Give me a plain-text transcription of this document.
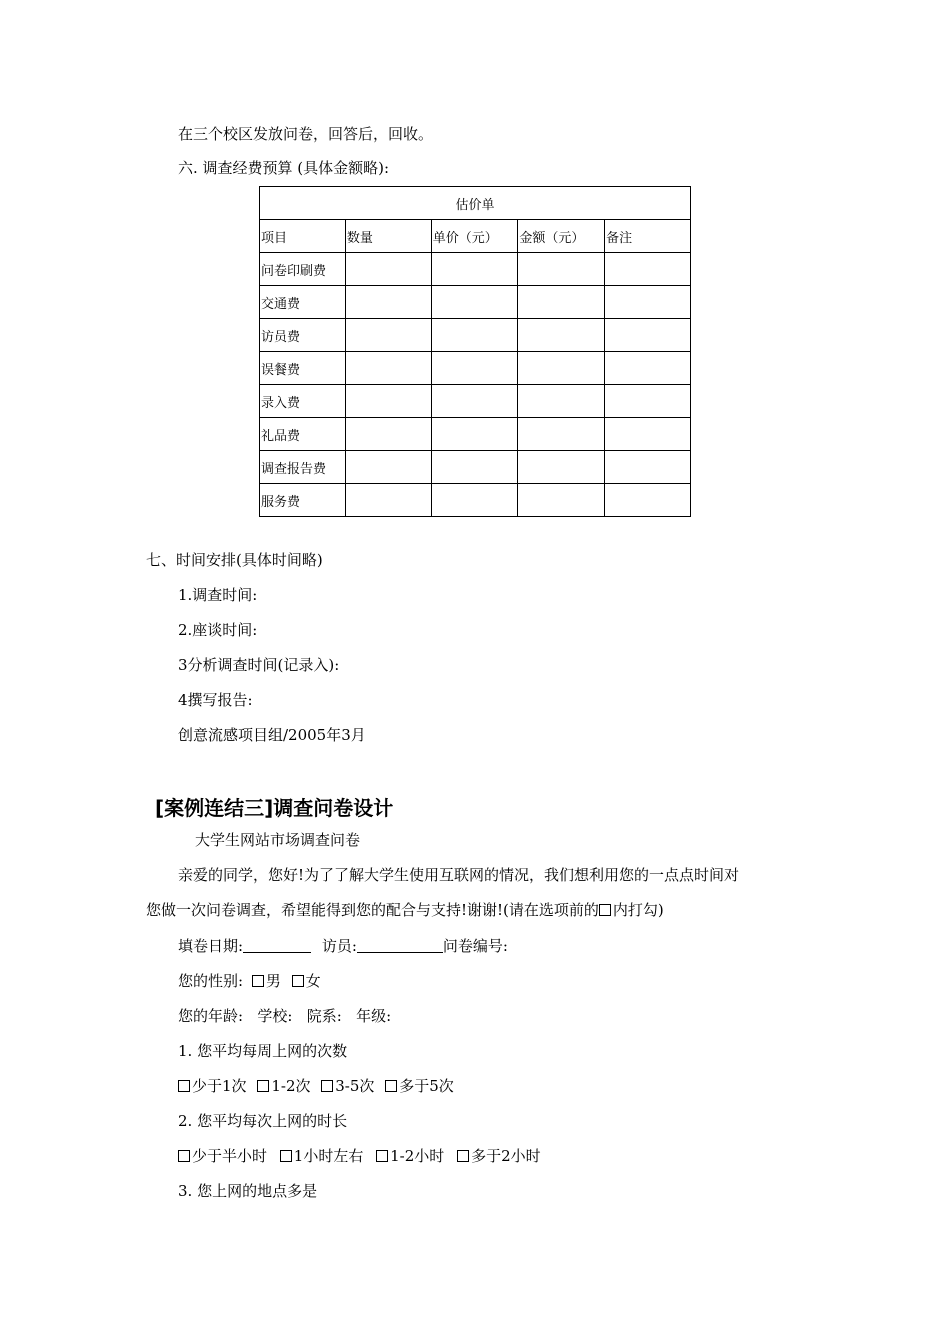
在三个校区发放问卷，回答后，回收。
六. 调查经费预算 (具体金额略):
估价单				
项目	数量	单价（元）	金额（元）	备注
问卷印刷费				
交通费				
访员费				
误餐费				
录入费				
礼品费				
调查报告费				
服务费				
七、时间安排(具体时间略)
1.调查时间:
2.座谈时间:
3分析调查时间(记录入):
4撰写报告:
创意流感项目组/2005年3月
[案例连结三]调查问卷设计
大学生网站市场调查问卷
亲爱的同学，您好!为了了解大学生使用互联网的情况，我们想利用您的一点点时间对
您做一次问卷调查，希望能得到您的配合与支持!谢谢!(请在选项前的 内打勾)
填卷日期:	访员:	问卷编号:
您的性别: 男 女
您的年龄:   学校:   院系:   年级:
1. 您平均每周上网的次数
少于1次 1-2次 3-5次 多于5次
2. 您平均每次上网的时长
少于半小时 1小时左右 1-2小时 多于2小时
3. 您上网的地点多是
